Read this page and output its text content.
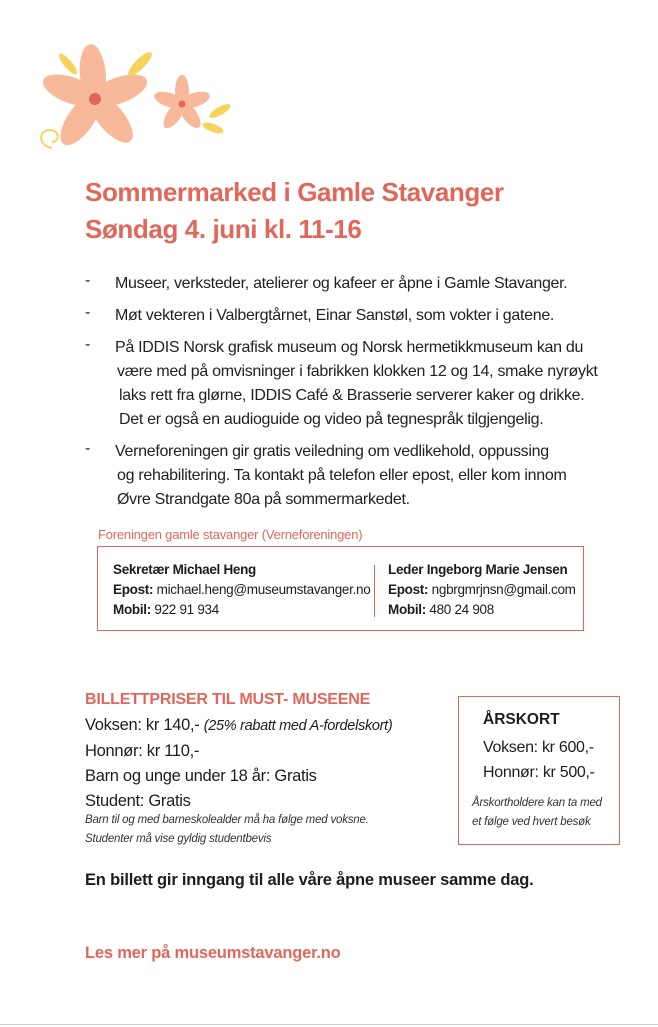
Sommermarked i Gamle Stavanger
Søndag 4. juni kl. 11-16
- Museer, verksteder, atelierer og kafeer er åpne i Gamle Stavanger.
- Møt vekteren i Valbergtårnet, Einar Sanstøl, som vokter i gatene.
- På IDDIS Norsk grafisk museum og Norsk hermetikkmuseum kan du
være med på omvisninger i fabrikken klokken 12 og 14, smake nyrøykt
laks rett fra glørne, IDDIS Café & Brasserie serverer kaker og drikke.
Det er også en audioguide og video på tegnespråk tilgjengelig.
- Verneforeningen gir gratis veiledning om vedlikehold, oppussing
og rehabilitering. Ta kontakt på telefon eller epost, eller kom innom
Øvre Strandgate 80a på sommermarkedet.
Foreningen gamle stavanger (Verneforeningen)
Sekretær Michael Heng
Epost: michael.heng@museumstavanger.no
Mobil: 922 91 934
Leder Ingeborg Marie Jensen
Epost: ngbrgmrjnsn@gmail.com
Mobil: 480 24 908
BILLETTPRISER TIL MUST- MUSEENE
Voksen: kr 140,- (25% rabatt med A-fordelskort)
Honnør: kr 110,-
Barn og unge under 18 år: Gratis
Student: Gratis
Barn til og med barneskolealder må ha følge med voksne.
Studenter må vise gyldig studentbevis
ÅRSKORT
Voksen: kr 600,-
Honnør: kr 500,-
Årskortholdere kan ta med
et følge ved hvert besøk
En billett gir inngang til alle våre åpne museer samme dag.
Les mer på museumstavanger.no
